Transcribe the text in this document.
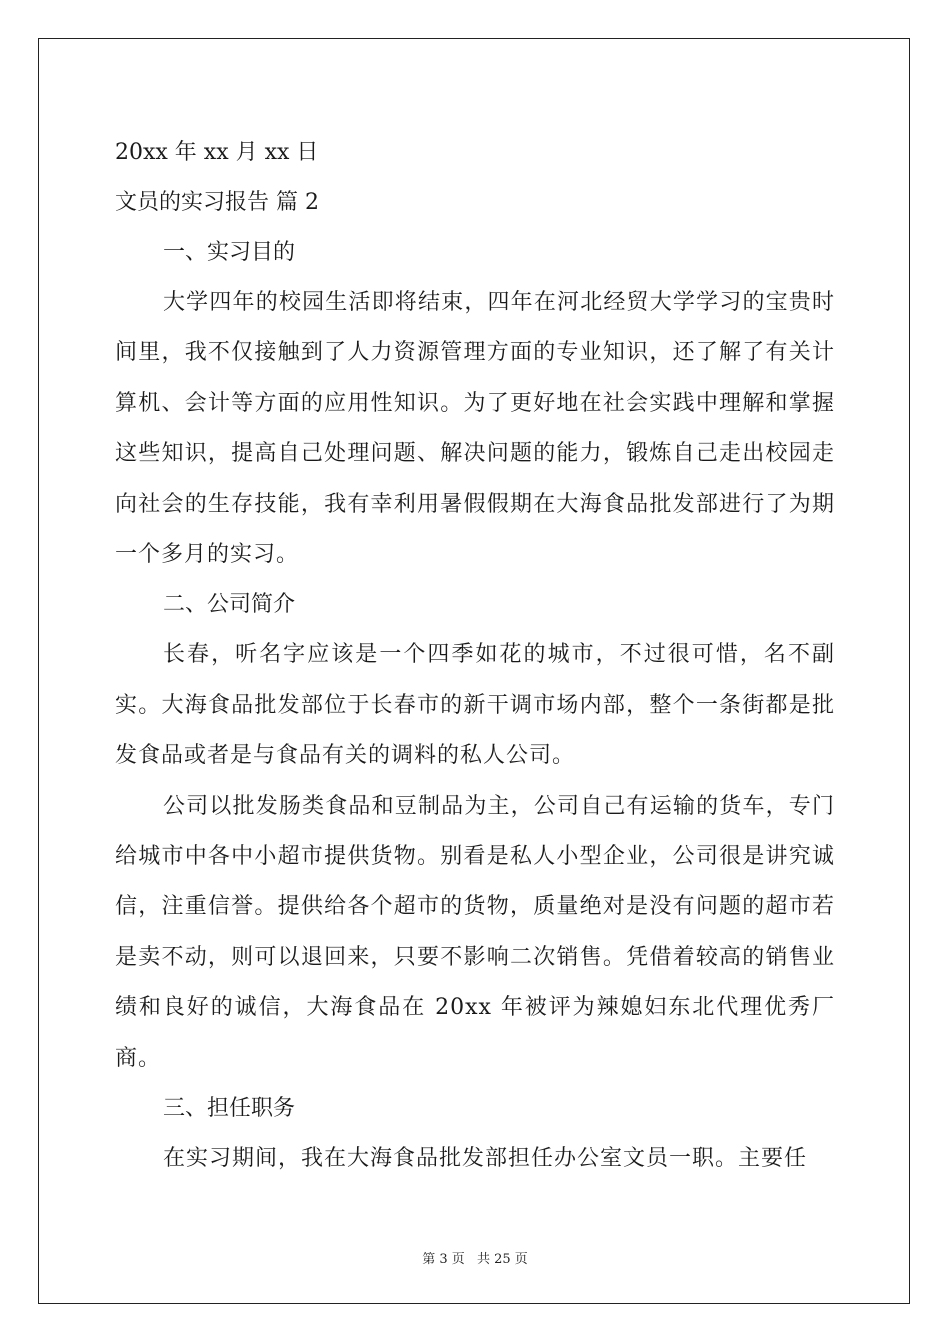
20xx 年 xx 月 xx 日
文员的实习报告 篇 2
一、实习目的

大学四年的校园生活即将结束，四年在河北经贸大学学习的宝贵时间里，我不仅接触到了人力资源管理方面的专业知识，还了解了有关计算机、会计等方面的应用性知识。为了更好地在社会实践中理解和掌握这些知识，提高自己处理问题、解决问题的能力，锻炼自己走出校园走向社会的生存技能，我有幸利用暑假假期在大海食品批发部进行了为期一个多月的实习。

二、公司简介

长春，听名字应该是一个四季如花的城市，不过很可惜，名不副实。大海食品批发部位于长春市的新干调市场内部，整个一条街都是批发食品或者是与食品有关的调料的私人公司。

公司以批发肠类食品和豆制品为主，公司自己有运输的货车，专门给城市中各中小超市提供货物。别看是私人小型企业，公司很是讲究诚信，注重信誉。提供给各个超市的货物，质量绝对是没有问题的超市若是卖不动，则可以退回来，只要不影响二次销售。凭借着较高的销售业绩和良好的诚信，大海食品在 20xx 年被评为辣媳妇东北代理优秀厂商。

三、担任职务

在实习期间，我在大海食品批发部担任办公室文员一职。主要任

第 3 页 共 25 页
